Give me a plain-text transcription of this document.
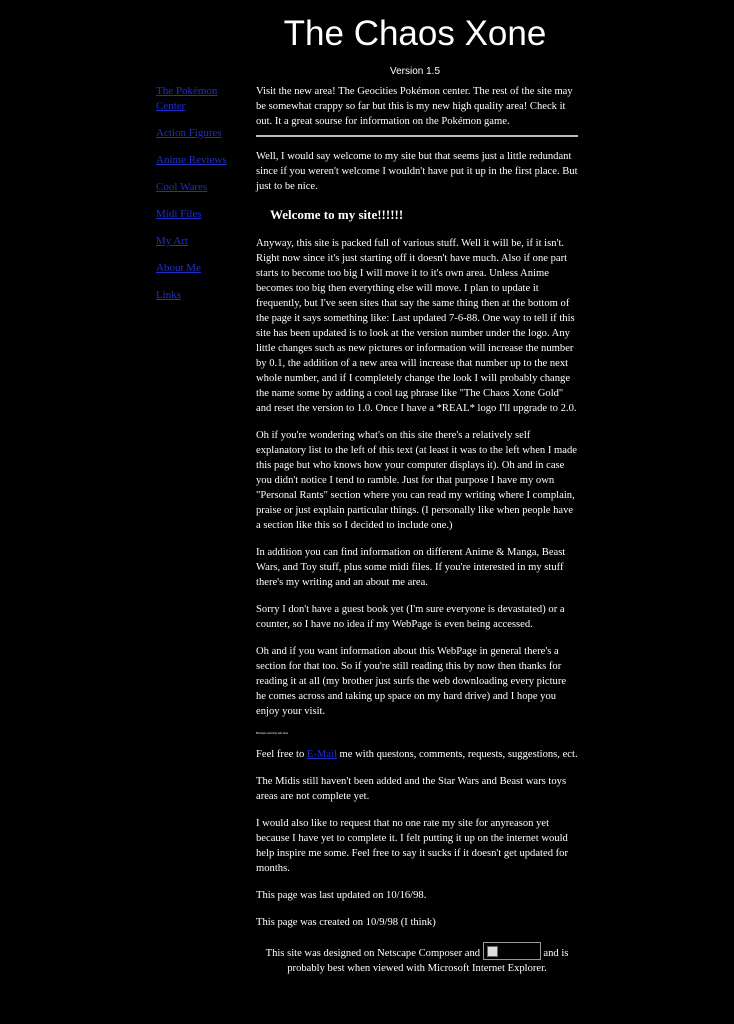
The Chaos Xone
Version 1.5
The Pokémon Center
Action Figures
Anime Reviews
Cool Wares
Midi Files
My Art
About Me
Links

Visit the new area! The Geocities Pokémon center. The rest of the site may be somewhat crappy so far but this is my new high quality area! Check it out. It a great sourse for information on the Pokémon game.

Well, I would say welcome to my site but that seems just a little redundant since if you weren't welcome I wouldn't have put it up in the first place. But just to be nice.

Welcome to my site!!!!!!

Anyway, this site is packed full of various stuff. Well it will be, if it isn't. Right now since it's just starting off it doesn't have much. Also if one part starts to become too big I will move it to it's own area. Unless Anime becomes too big then everything else will move. I plan to update it frequently, but I've seen sites that say the same thing then at the bottom of the page it says something like: Last updated 7-6-88. One way to tell if this site has been updated is to look at the version number under the logo. Any little changes such as new pictures or information will increase the number by 0.1, the addition of a new area will increase that number up to the next whole number, and if I completely change the look I will probably change the name some by adding a cool tag phrase like "The Chaos Xone Gold" and reset the version to 1.0. Once I have a *REAL* logo I'll upgrade to 2.0.

Oh if you're wondering what's on this site there's a relatively self explanatory list to the left of this text (at least it was to the left when I made this page but who knows how your computer displays it). Oh and in case you didn't notice I tend to ramble. Just for that purpose I have my own "Personal Rants" section where you can read my writing where I complain, praise or just explain particular things. (I personally like when people have a section like this so I decided to include one.)

In addition you can find information on different Anime & Manga, Beast Wars, and Toy stuff, plus some midi files. If you're interested in my stuff there's my writing and an about me area.

Sorry I don't have a guest book yet (I'm sure everyone is devastated) or a counter, so I have no idea if my WebPage is even being accessed.

Oh and if you want information about this WebPage in general there's a section for that too. So if you're still reading this by now then thanks for reading it at all (my brother just surfs the web downloading every picture he comes across and taking up space on my hard drive) and I hope you enjoy your visit.

Brackets and tiny text here

Feel free to E-Mail me with questons, comments, requests, suggestions, ect.

The Midis still haven't been added and the Star Wars and Beast wars toys areas are not complete yet.

I would also like to request that no one rate my site for anyreason yet because I have yet to complete it. I felt putting it up on the internet would help inspire me some. Feel free to say it sucks if it doesn't get updated for months.

This page was last updated on 10/16/98.

This page was created on 10/9/98 (I think)

This site was designed on Netscape Composer and	and is probably best when viewed with Microsoft Internet Explorer.
